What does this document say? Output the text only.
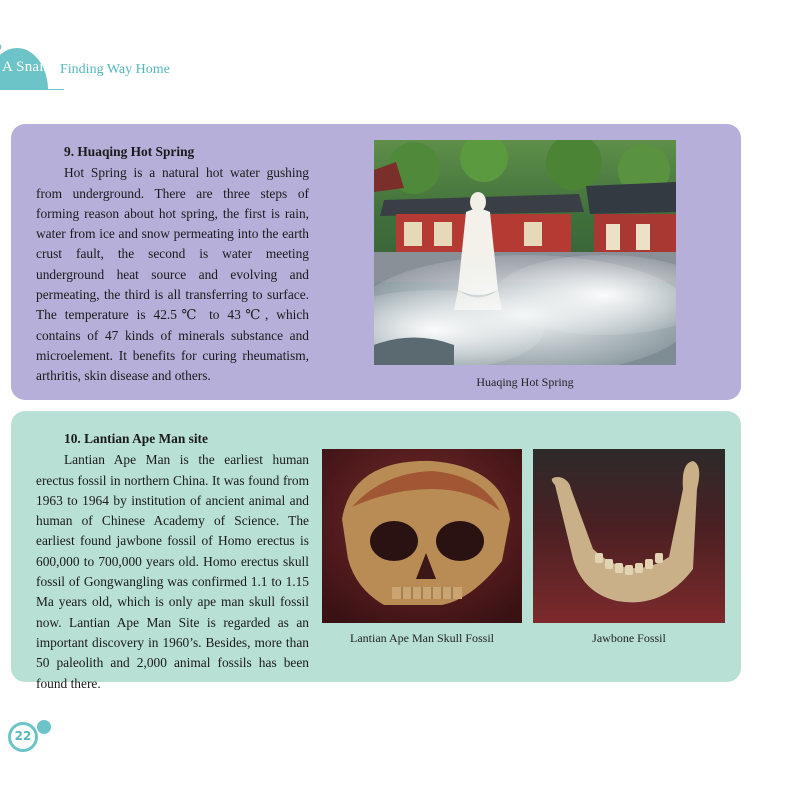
A Snail's Finding Way Home

9. Huaqing Hot Spring

Hot Spring is a natural hot water gushing from underground. There are three steps of forming reason about hot spring, the first is rain, water from ice and snow permeating into the earth crust fault, the second is water meeting underground heat source and evolving and permeating, the third is all transferring to surface. The temperature is 42.5℃ to 43℃, which contains of 47 kinds of minerals substance and microelement. It benefits for curing rheumatism, arthritis, skin disease and others.	Huaqing Hot Spring

10. Lantian Ape Man site

Lantian Ape Man is the earliest human erectus fossil in northern China. It was found from 1963 to 1964 by institution of ancient animal and human of Chinese Academy of Science. The earliest found jawbone fossil of Homo erectus is 600,000 to 700,000 years old. Homo erectus skull fossil of Gongwangling was confirmed 1.1 to 1.15 Ma years old, which is only ape man skull fossil now. Lantian Ape Man Site is regarded as an important discovery in 1960’s. Besides, more than 50 paleolith and 2,000 animal fossils has been found there.

Lantian Ape Man Skull Fossil	Jawbone Fossil
22
